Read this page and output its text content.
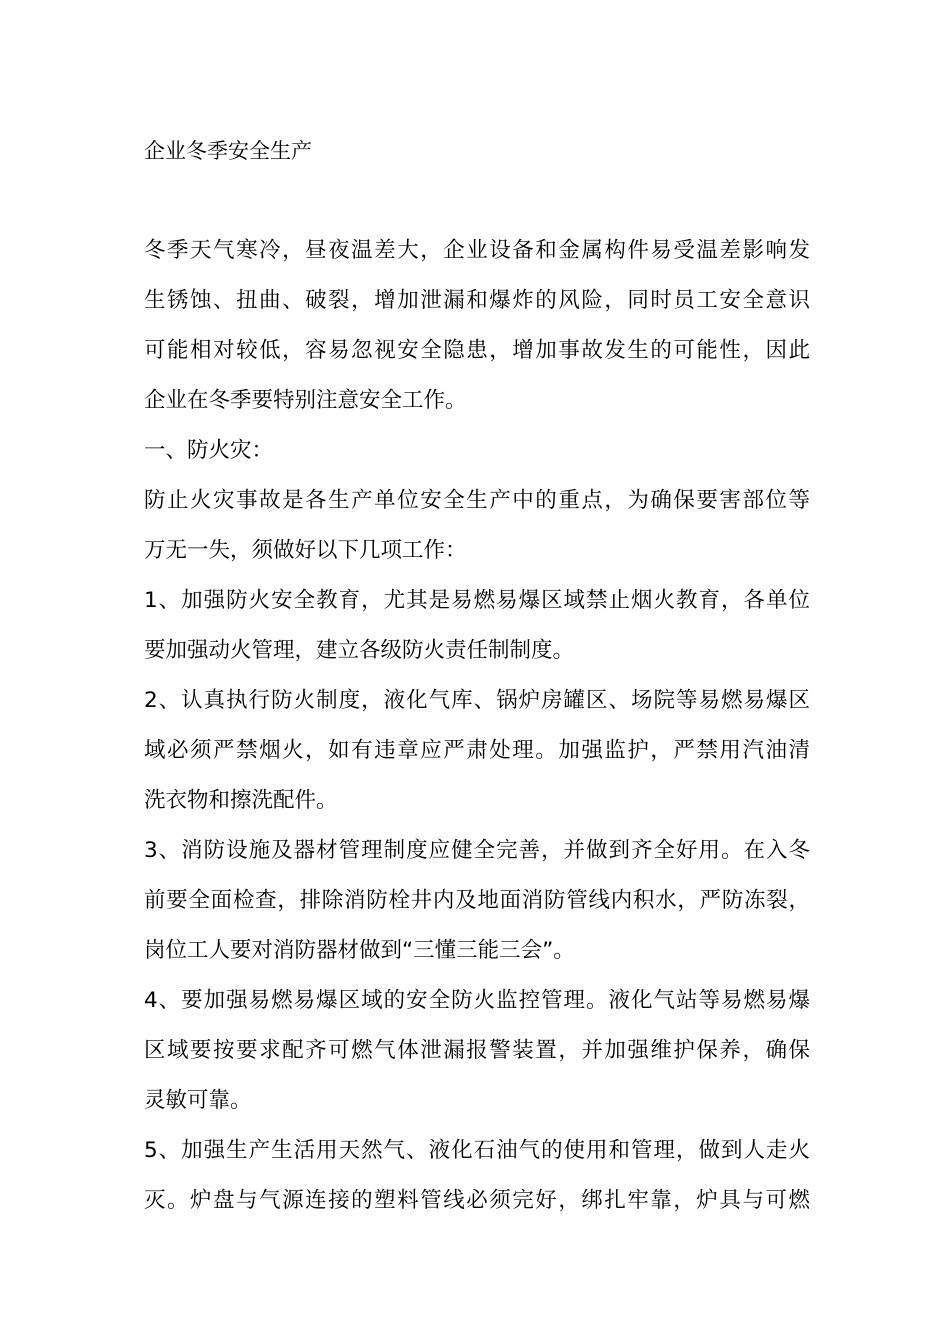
企业冬季安全生产

冬季天气寒冷，昼夜温差大，企业设备和金属构件易受温差影响发
生锈蚀、扭曲、破裂，增加泄漏和爆炸的风险，同时员工安全意识
可能相对较低，容易忽视安全隐患，增加事故发生的可能性，因此
企业在冬季要特别注意安全工作。

一、防火灾：

防止火灾事故是各生产单位安全生产中的重点，为确保要害部位等
万无一失，须做好以下几项工作：

1、加强防火安全教育，尤其是易燃易爆区域禁止烟火教育，各单位
要加强动火管理，建立各级防火责任制制度。

2、认真执行防火制度，液化气库、锅炉房罐区、场院等易燃易爆区
域必须严禁烟火，如有违章应严肃处理。加强监护，严禁用汽油清
洗衣物和擦洗配件。

3、消防设施及器材管理制度应健全完善，并做到齐全好用。在入冬
前要全面检查，排除消防栓井内及地面消防管线内积水，严防冻裂，
岗位工人要对消防器材做到“三懂三能三会”。

4、要加强易燃易爆区域的安全防火监控管理。液化气站等易燃易爆
区域要按要求配齐可燃气体泄漏报警装置，并加强维护保养，确保
灵敏可靠。

5、加强生产生活用天然气、液化石油气的使用和管理，做到人走火
灭。炉盘与气源连接的塑料管线必须完好，绑扎牢靠，炉具与可燃
